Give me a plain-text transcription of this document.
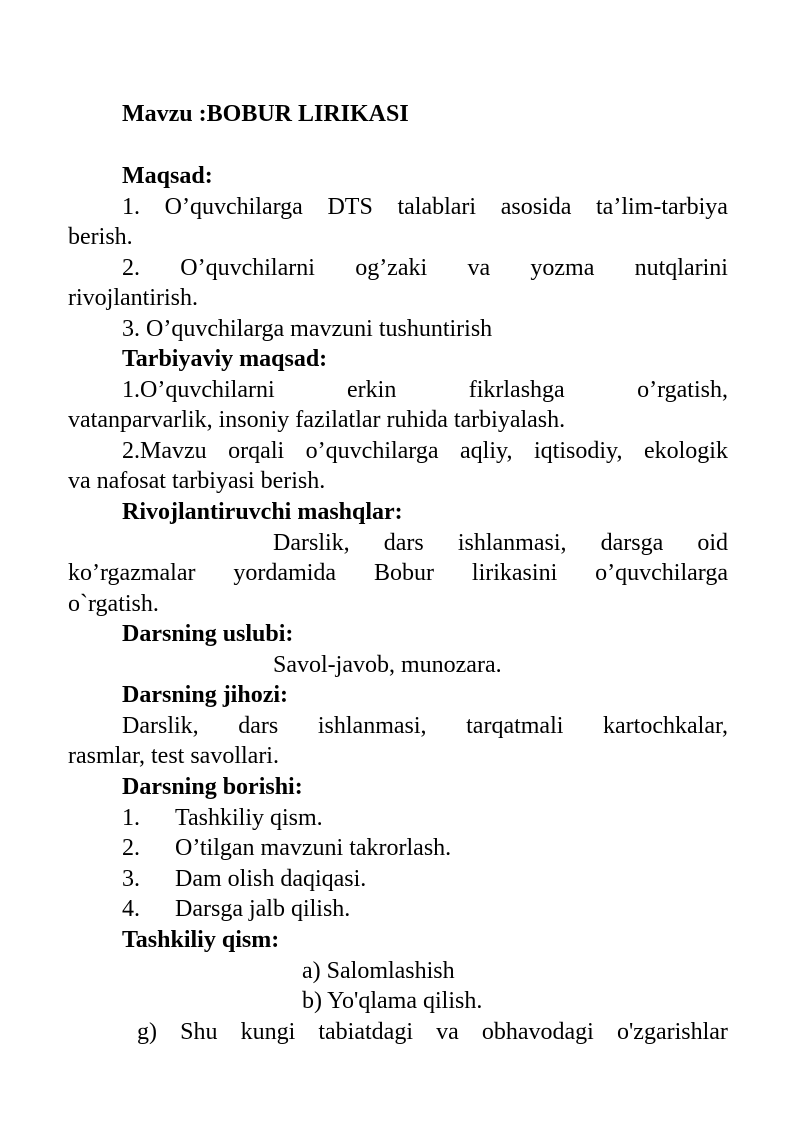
Mavzu :BOBUR LIRIKASI
Maqsad:
1. O’quvchilarga DTS talablari asosida ta’lim-tarbiya
berish.
2. O’quvchilarni og’zaki va yozma nutqlarini
rivojlantirish.
3. O’quvchilarga mavzuni tushuntirish
Tarbiyaviy maqsad:
1.O’quvchilarni	erkin	fikrlashga	o’rgatish,
vatanparvarlik, insoniy fazilatlar ruhida tarbiyalash.
2.Mavzu orqali o’quvchilarga aqliy, iqtisodiy, ekologik
va nafosat tarbiyasi berish.
Rivojlantiruvchi mashqlar:
Darslik, dars ishlanmasi, darsga oid
ko’rgazmalar yordamida Bobur lirikasini o’quvchilarga
o`rgatish.
Darsning uslubi:
Savol-javob, munozara.
Darsning jihozi:
Darslik, dars ishlanmasi, tarqatmali kartochkalar,
rasmlar, test savollari.
Darsning borishi:
1. Tashkiliy qism.
2. O’tilgan mavzuni takrorlash.
3. Dam olish daqiqasi.
4. Darsga jalb qilish.
Tashkiliy qism:
a) Salomlashish
b) Yo'qlama qilish.
g) Shu kungi tabiatdagi va obhavodagi o'zgarishlar
